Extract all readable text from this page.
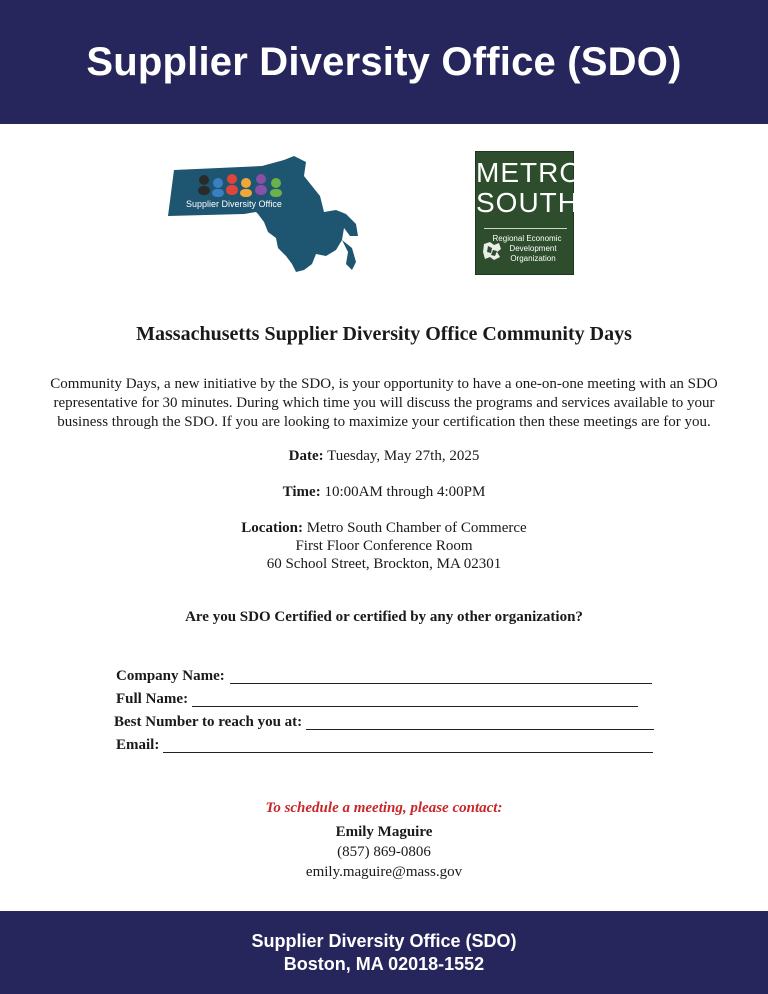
Supplier Diversity Office (SDO)
Supplier Diversity Office
METRO
SOUTH
Regional Economic
Development
Organization
Massachusetts Supplier Diversity Office Community Days
Community Days, a new initiative by the SDO, is your opportunity to have a one-on-one meeting with an SDO
representative for 30 minutes. During which time you will discuss the programs and services available to your
business through the SDO. If you are looking to maximize your certification then these meetings are for you.
Date: Tuesday, May 27th, 2025
Time: 10:00AM through 4:00PM
Location: Metro South Chamber of Commerce
First Floor Conference Room
60 School Street, Brockton, MA 02301
Are you SDO Certified or certified by any other organization?
Company Name:
Full Name:
Best Number to reach you at:
Email:
To schedule a meeting, please contact:
Emily Maguire
(857) 869-0806
emily.maguire@mass.gov
Supplier Diversity Office (SDO)
Boston, MA 02018-1552
